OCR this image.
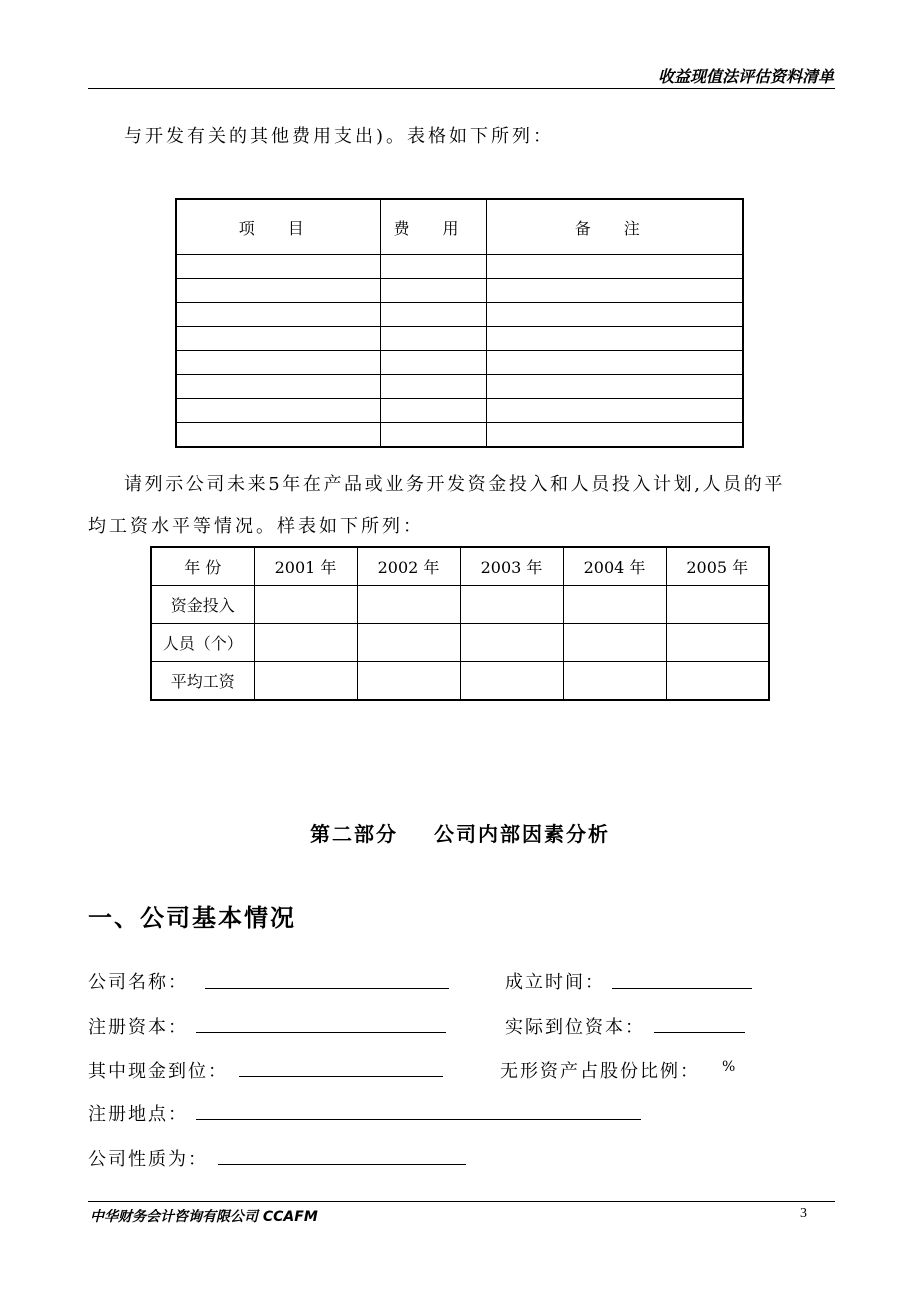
收益现值法评估资料清单
与开发有关的其他费用支出)。表格如下所列：
项 目	费 用	备 注

请列示公司未来5年在产品或业务开发资金投入和人员投入计划,人员的平
均工资水平等情况。样表如下所列：
年 份	2001 年	2002 年	2003 年	2004 年	2005 年
资金投入					
人员（个）					
平均工资					
第二部分 公司内部因素分析
一、公司基本情况
公司名称：	成立时间：
注册资本：	实际到位资本：
其中现金到位：	无形资产占股份比例： %
注册地点：
公司性质为：
中华财务会计咨询有限公司 CCAFM	3
